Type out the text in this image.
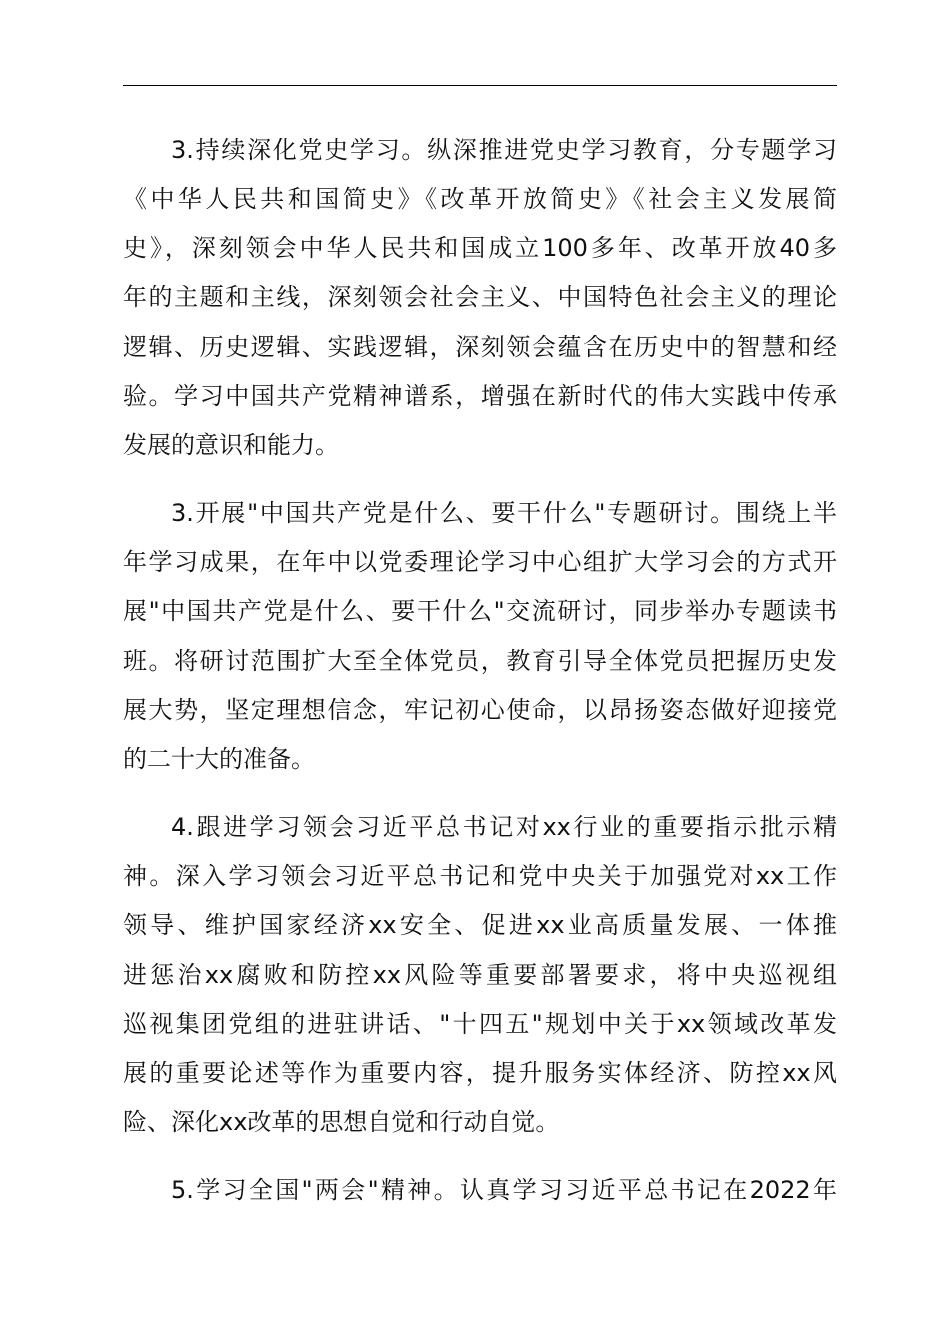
3.持续深化党史学习。纵深推进党史学习教育，分专题学习
《中华人民共和国简史》《改革开放简史》《社会主义发展简
史》，深刻领会中华人民共和国成立100多年、改革开放40多
年的主题和主线，深刻领会社会主义、中国特色社会主义的理论
逻辑、历史逻辑、实践逻辑，深刻领会蕴含在历史中的智慧和经
验。学习中国共产党精神谱系，增强在新时代的伟大实践中传承
发展的意识和能力。
3.开展"中国共产党是什么、要干什么"专题研讨。围绕上半
年学习成果，在年中以党委理论学习中心组扩大学习会的方式开
展"中国共产党是什么、要干什么"交流研讨，同步举办专题读书
班。将研讨范围扩大至全体党员，教育引导全体党员把握历史发
展大势，坚定理想信念，牢记初心使命，以昂扬姿态做好迎接党
的二十大的准备。
4.跟进学习领会习近平总书记对xx行业的重要指示批示精
神。深入学习领会习近平总书记和党中央关于加强党对xx工作
领导、维护国家经济xx安全、促进xx业高质量发展、一体推
进惩治xx腐败和防控xx风险等重要部署要求，将中央巡视组
巡视集团党组的进驻讲话、"十四五"规划中关于xx领域改革发
展的重要论述等作为重要内容，提升服务实体经济、防控xx风
险、深化xx改革的思想自觉和行动自觉。
5.学习全国"两会"精神。认真学习习近平总书记在2022年
